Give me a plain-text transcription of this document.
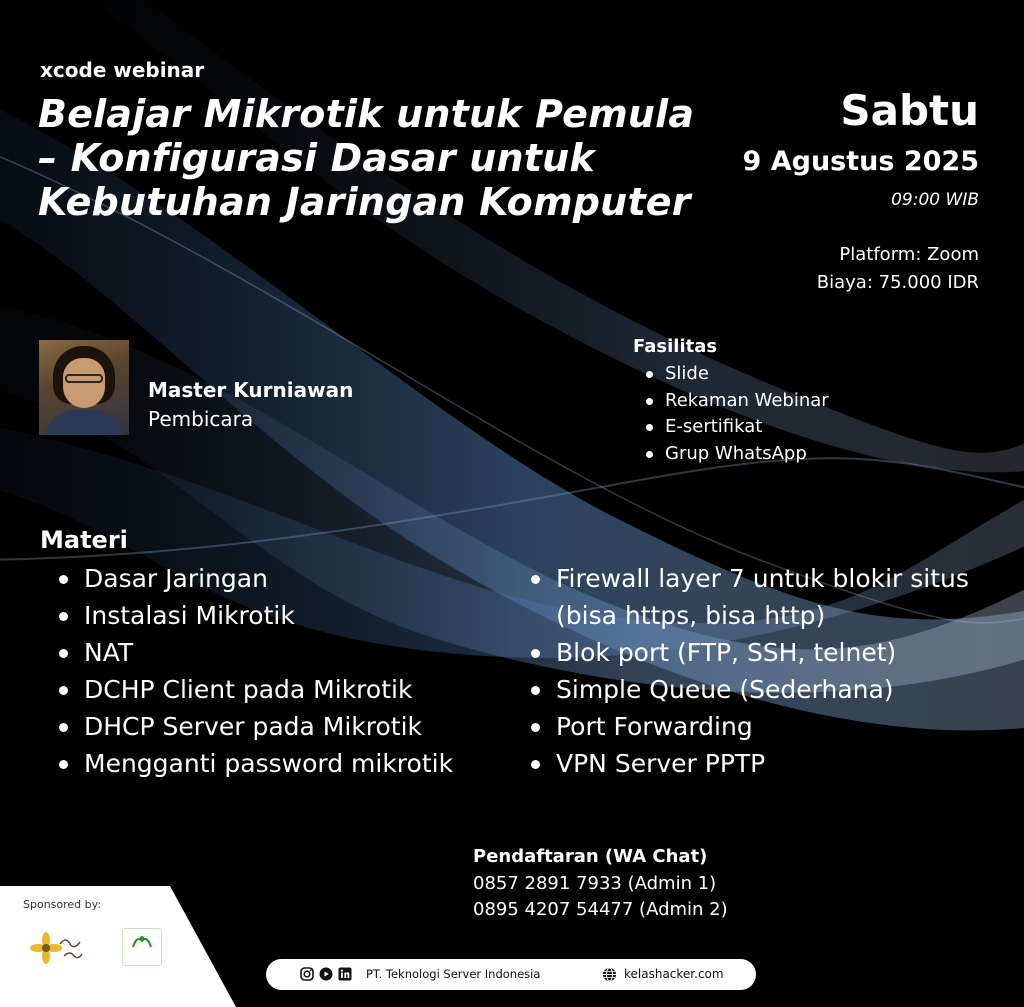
xcode webinar
Belajar Mikrotik untuk Pemula – Konfigurasi Dasar untuk Kebutuhan Jaringan Komputer
Sabtu
9 Agustus 2025
09:00 WIB
Platform: Zoom
Biaya: 75.000 IDR
Master Kurniawan
Pembicara
Fasilitas
Slide
Rekaman Webinar
E-sertifikat
Grup WhatsApp
Materi
Dasar Jaringan
Instalasi Mikrotik
NAT
DCHP Client pada Mikrotik
DHCP Server pada Mikrotik
Mengganti password mikrotik
Firewall layer 7 untuk blokir situs (bisa https, bisa http)
Blok port (FTP, SSH, telnet)
Simple Queue (Sederhana)
Port Forwarding
VPN Server PPTP
Pendaftaran (WA Chat)
0857 2891 7933 (Admin 1)
0895 4207 54477 (Admin 2)
Sponsored by:
PT. Teknologi Server Indonesia	kelashacker.com
